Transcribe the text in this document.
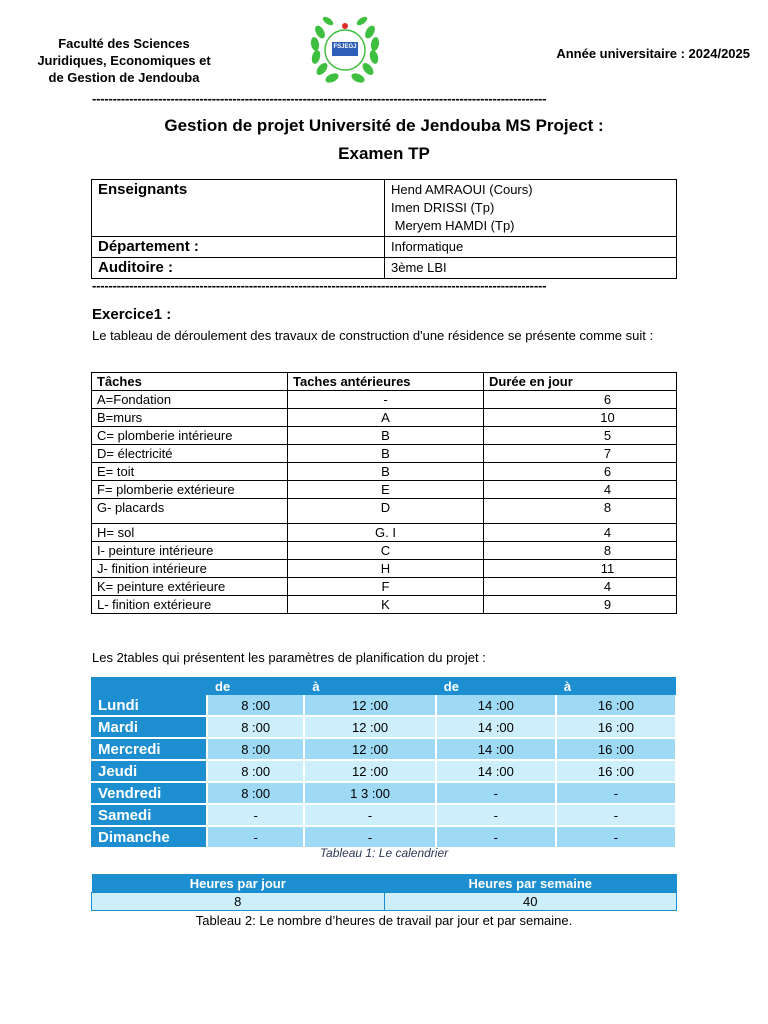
Faculté des Sciences
Juridiques, Economiques et
de Gestion de Jendouba
FSJEGJ	Année universitaire : 2024/2025
--------------------------------------------------------------------------------------------------------------
Gestion de projet Université de Jendouba MS Project :
Examen TP
Enseignants	Hend AMRAOUI (Cours)
Imen DRISSI (Tp)
Meryem HAMDI (Tp)

Département :	Informatique
Auditoire :	3ème LBI
--------------------------------------------------------------------------------------------------------------
Exercice1 :
Le tableau de déroulement des travaux de construction d'une résidence se présente comme suit :
Tâches	Taches antérieures	Durée en jour
A=Fondation	-	6
B=murs	A	10
C= plomberie intérieure	B	5
D= électricité	B	7
E= toit	B	6
F= plomberie extérieure	E	4
G- placards	D	8
H= sol	G. I	4
I- peinture intérieure	C	8
J- finition intérieure	H	11
K= peinture extérieure	F	4
L- finition extérieure	K	9
Les 2tables qui présentent les paramètres de planification du projet :
	de	à	de	à
Lundi	8 :00	12 :00	14 :00	16 :00
Mardi	8 :00	12 :00	14 :00	16 :00
Mercredi	8 :00	12 :00	14 :00	16 :00
Jeudi	8 :00	12 :00	14 :00	16 :00
Vendredi	8 :00	1 3 :00	-	-
Samedi	-	-	-	-
Dimanche	-	-	-	-
Tableau 1: Le calendrier
Heures par jour	Heures par semaine
8	40
Tableau 2: Le nombre d’heures de travail par jour et par semaine.
